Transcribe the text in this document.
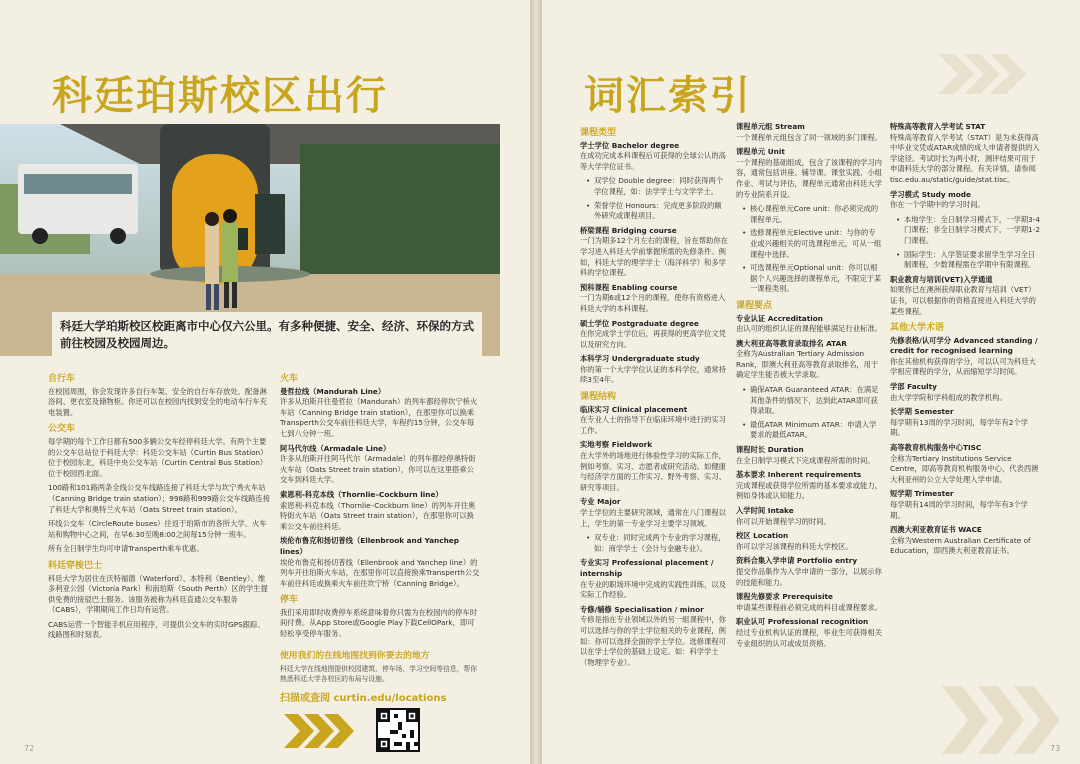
科廷珀斯校区出行
科廷大学珀斯校区校距离市中心仅六公里。有多种便捷、安全、经济、环保的方式前往校园及校园周边。
自行车

在校园周围，你会发现许多自行车架、安全的自行车存放处、配备淋浴间、更衣室及储物柜。你还可以在校园内找到安全的电动车行车充电装置。

公交车

每学期的每个工作日都有500多辆公交车经停科廷大学。有两个主要的公交车总站位于科廷大学：科廷公交车站（Curtin Bus Station）位于校园东北，科廷中央公交车站（Curtin Central Bus Station）位于校园西北面。

100路和101路两条全线公交车线路连接了科廷大学与坎宁秀火车站（Canning Bridge train station）；998路和999路公交车线路连接了科廷大学和奥特兰火车站（Oats Street train station）。

环线公交车（CircleRoute buses）往返于珀斯市的各所大学、火车站和购物中心之间，在早6:30至晚8:00之间每15分钟一班车。

所有全日制学生均可申请Transperth乘车优惠。

科廷穿梭巴士

科廷大学为居住在沃特福德（Waterford）、本特利（Bentley）、维多利亚公园（Victoria Park）和南珀斯（South Perth）区的学生提供免费的接驳巴士服务。该服务被称为科廷直通公交车服务（CABS），学期期间工作日均有运营。

CABS运营一个智能手机应用程序，可提供公交车的实时GPS跟踪、线路图和时刻表。

火车
曼哲拉线（Mandurah Line）

许多从珀斯开往曼哲拉（Mandurah）的列车都经停坎宁桥火车站（Canning Bridge train station），在那里你可以换乘Transperth公交车前往科廷大学，车程约15分钟，公交车每七到八分钟一班。

阿马代尔线（Armadale Line）

许多从珀斯开往阿马代尔（Armadale）的列车都经停奥特街火车站（Oats Street train station），你可以在这里搭乘公交车到科廷大学。

索恩利-科克本线（Thornlie–Cockburn line）

索恩利-科克本线（Thornlie–Cockburn line）的列车开往奥特街火车站（Oats Street train station），在那里你可以换乘公交车前往科廷。

埃伦布鲁克和扬切普线（Ellenbrook and Yanchep lines）

埃伦布鲁克和扬切普线（Ellenbrook and Yanchep line）的列车开往珀斯火车站，在那里你可以直接换乘Transperth公交车前往科廷或换乘火车前往坎宁桥（Canning Bridge）。

停车

我们采用即时收费停车系统意味着你只需为在校园内的停车时间付费。从App Store或Google Play下载CellOPark，即可轻松享受停车服务。

使用我们的在线地图找到你要去的地方
科廷大学在线地图提供校园建筑、停车场、学习空间等信息，帮你熟悉科廷大学各校区的布局与设施。
扫描或查阅 curtin.edu/locations
72
词汇索引
课程类型
学士学位 Bachelor degree

在成功完成本科课程后可获得的全球公认的高等大学学位证书。

• 双学位 Double degree：同时获得两个学位课程，如：法学学士与文学学士。
• 荣誉学位 Honours：完成更多阶段的额外研究或课程项目。
桥梁课程 Bridging course

一门为期多12个月左右的课程，旨在帮助你在学习进入科廷大学前掌握所需的先修条件。例如，科廷大学的理学学士（海洋科学）和多学科的学位课程。

预科课程 Enabling course

一门为期6或12个月的课程，使你有资格进入科廷大学的本科课程。

硕士学位 Postgraduate degree

在你完成学士学位后，再获得的更高学位文凭以及研究方向。

本科学习 Undergraduate study

你的第一个大学学位认证的本科学位，通常持续3至4年。

课程结构
临床实习 Clinical placement

在专业人士的指导下在临床环境中进行的实习工作。

实地考察 Fieldwork

在大学外的场地进行体验性学习的实际工作，例如考察、实习、志愿者或研究活动。如健康与经济学方面的工作实习、野外考察、实习、研究等项目。

专业 Major

学士学位的主要研究领域，通常在八门课程以上，学生的第一专业学习主要学习领域。

• 双专业：同时完成两个专业的学习课程，如：商学学士（会计与金融专业）。
专业实习 Professional placement / internship

在专业的职场环境中完成的实践性训练，以及实际工作经验。

专修/辅修 Specialisation / minor

专修是指在专业领域以外的另一组课程中，你可以选择与你的学士学位相关的专业课程，例如：你可以选择全面的学士学位。选修课程可以在学士学位的基础上设定。如：科学学士（物理学专业）。

课程单元组 Stream

一个课程单元组包含了同一领域的多门课程。

课程单元 Unit

一个课程的基础组成，包含了该课程的学习内容，通常包括讲座、辅导课、课堂实践、小组作业、考试与评估，课程单元通常由科廷大学的专业院系开设。

• 核心课程单元Core unit：你必须完成的课程单元。
• 选修课程单元Elective unit：与你的专业或兴趣相关的可选课程单元，可从一组课程中选择。
• 可选课程单元Optional unit：你可以根据个人兴趣选择的课程单元，不限定于某一课程类别。
课程要点
专业认证 Accreditation

由认可的组织认证的课程能够满足行业标准。

澳大利亚高等教育录取排名 ATAR

全称为Australian Tertiary Admission Rank，即澳大利亚高等教育录取排名，用于确定学生能否被大学录取。

• 确保ATAR Guaranteed ATAR：在满足其他条件的情况下，达到此ATAR即可获得录取。
• 最低ATAR Minimum ATAR：申请入学要求的最低ATAR。
课程时长 Duration

在全日制学习模式下完成课程所需的时间。

基本要求 Inherent requirements

完成课程或获得学位所需的基本要求或能力，例如身体或认知能力。

入学时间 Intake

你可以开始课程学习的时间。

校区 Location

你可以学习该课程的科廷大学校区。

资料合集入学申请 Portfolio entry

提交作品集作为入学申请的一部分，以展示你的技能和能力。

课程先修要求 Prerequisite

申请某些课程前必须完成的科目或课程要求。

职业认可 Professional recognition

经过专业机构认证的课程，毕业生可获得相关专业组织的认可或成员资格。

特殊高等教育入学考试 STAT

特殊高等教育入学考试（STAT）是为未获得高中毕业文凭或ATAR成绩的成人申请者提供的入学途径。考试时长为两小时，测评结果可用于申请科廷大学的部分课程。有关详情，请参阅 tisc.edu.au/static/guide/stat.tisc。

学习模式 Study mode

你在一个学期中的学习时间。

• 本地学生：全日制学习模式下，一学期3-4门课程；非全日制学习模式下，一学期1-2门课程。
• 国际学生：入学签证要求留学生学习全日制课程，少数课程需在学期中有限课程。
职业教育与培训(VET)入学通道

如果你已在澳洲获得职业教育与培训（VET）证书，可以根据你的资格直接进入科廷大学的某些课程。

其他大学术语
先修表格/认可学分 Advanced standing / credit for recognised learning

你在其他机构获得的学分，可以认可为科廷大学相应课程的学分，从而缩短学习时间。

学部 Faculty

由大学学院和学科组成的教学机构。

长学期 Semester

每学期有13周的学习时间，每学年有2个学期。

高等教育机构服务中心TISC

全称为Tertiary Institutions Service Centre，即高等教育机构服务中心，代表西澳大利亚州的公立大学处理入学申请。

短学期 Trimester

每学期有14周的学习时间，每学年有3个学期。

西澳大利亚教育证书 WACE

全称为Western Australian Certificate of Education，即西澳大利亚教育证书。

73
